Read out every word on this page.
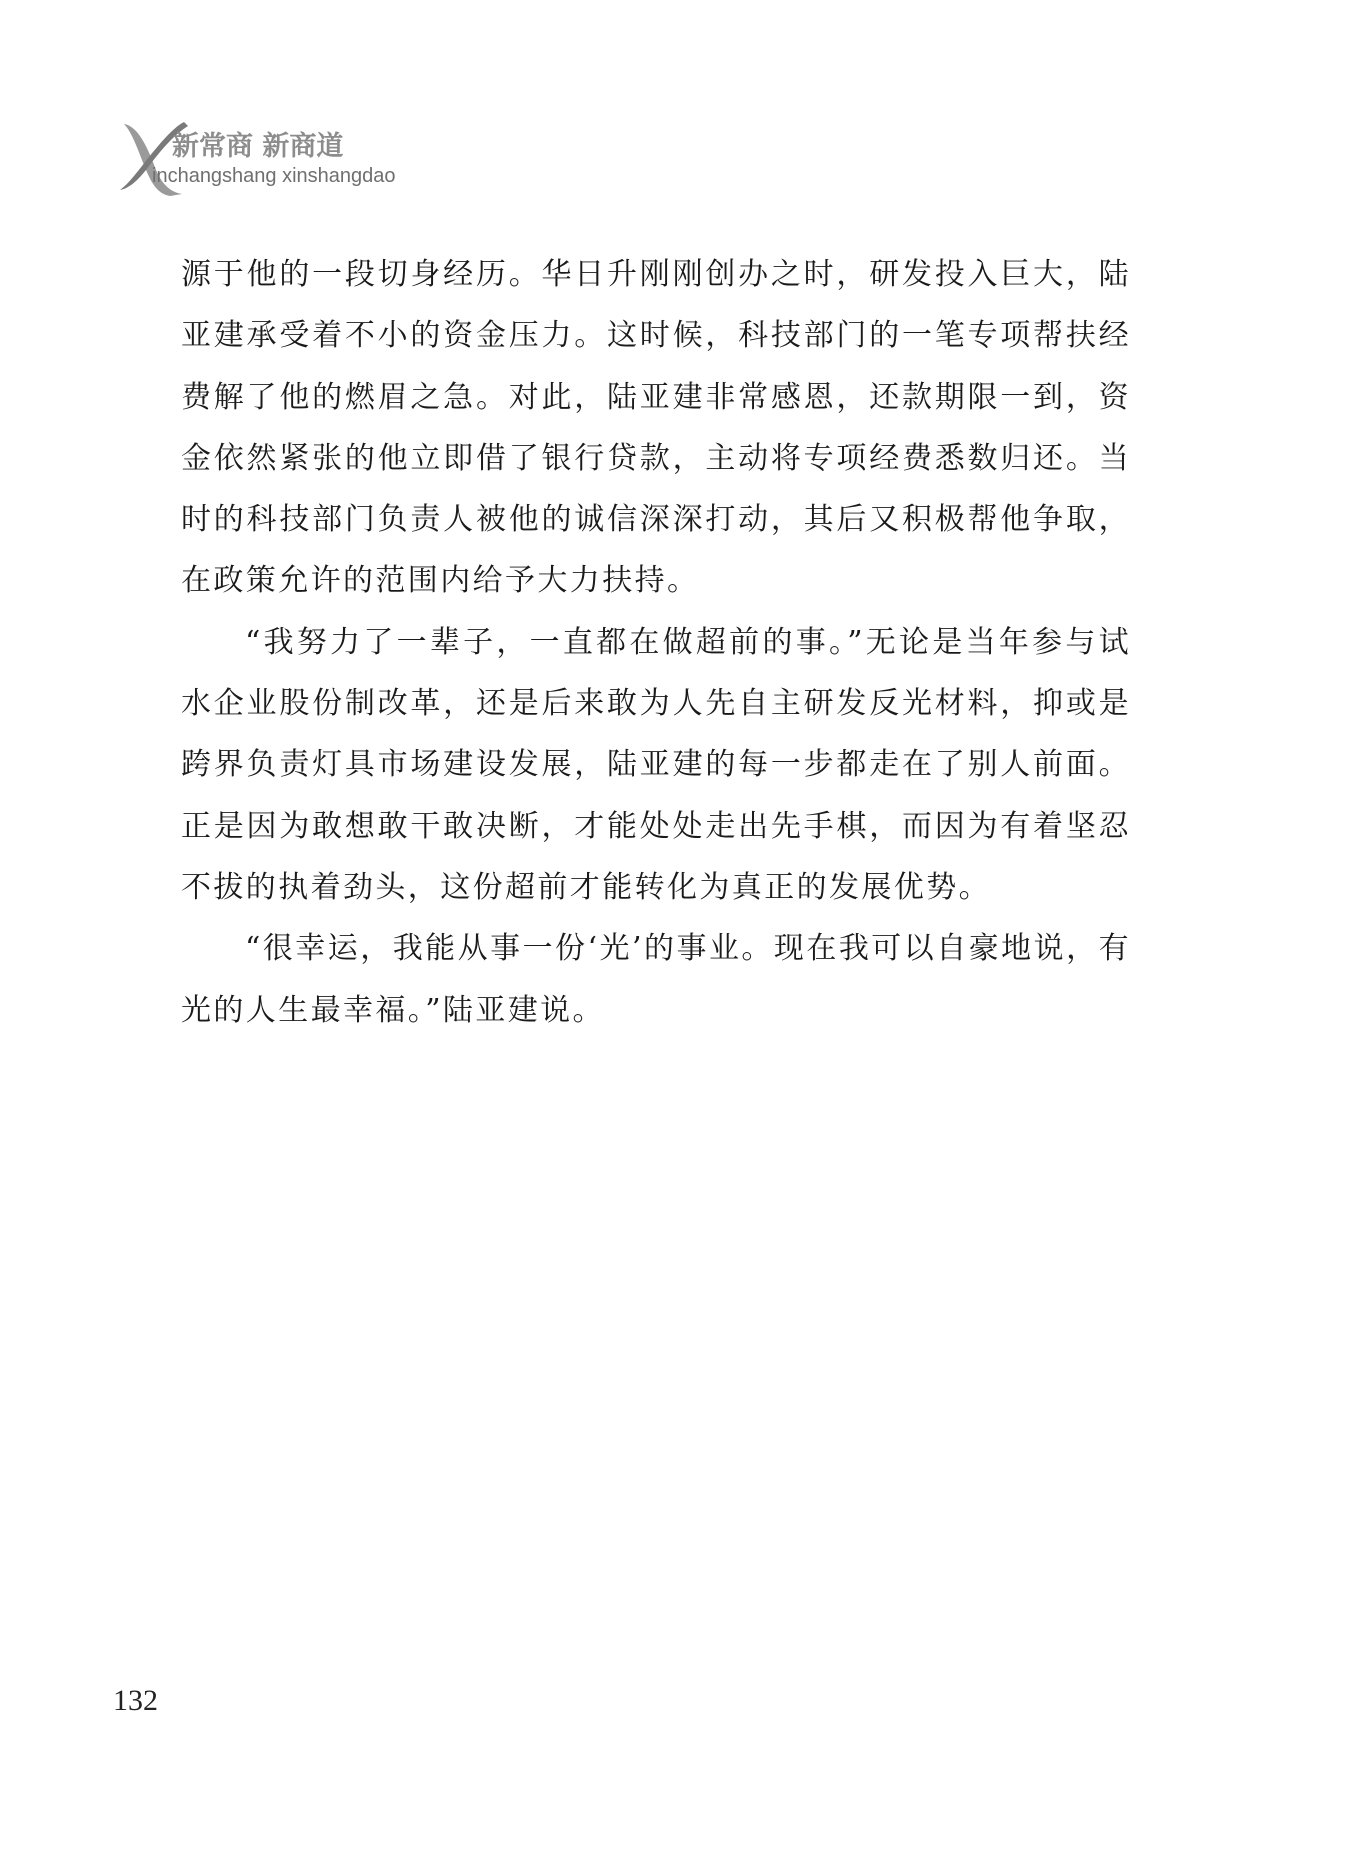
新常商 新商道
inchangshang xinshangdao

源于他的一段切身经历。华日升刚刚创办之时，研发投入巨大，陆亚建承受着不小的资金压力。这时候，科技部门的一笔专项帮扶经费解了他的燃眉之急。对此，陆亚建非常感恩，还款期限一到，资金依然紧张的他立即借了银行贷款，主动将专项经费悉数归还。当时的科技部门负责人被他的诚信深深打动，其后又积极帮他争取，在政策允许的范围内给予大力扶持。

“我努力了一辈子，一直都在做超前的事。”无论是当年参与试水企业股份制改革，还是后来敢为人先自主研发反光材料，抑或是跨界负责灯具市场建设发展，陆亚建的每一步都走在了别人前面。正是因为敢想敢干敢决断，才能处处走出先手棋，而因为有着坚忍不拔的执着劲头，这份超前才能转化为真正的发展优势。

“很幸运，我能从事一份‘光’的事业。现在我可以自豪地说，有光的人生最幸福。”陆亚建说。

132
